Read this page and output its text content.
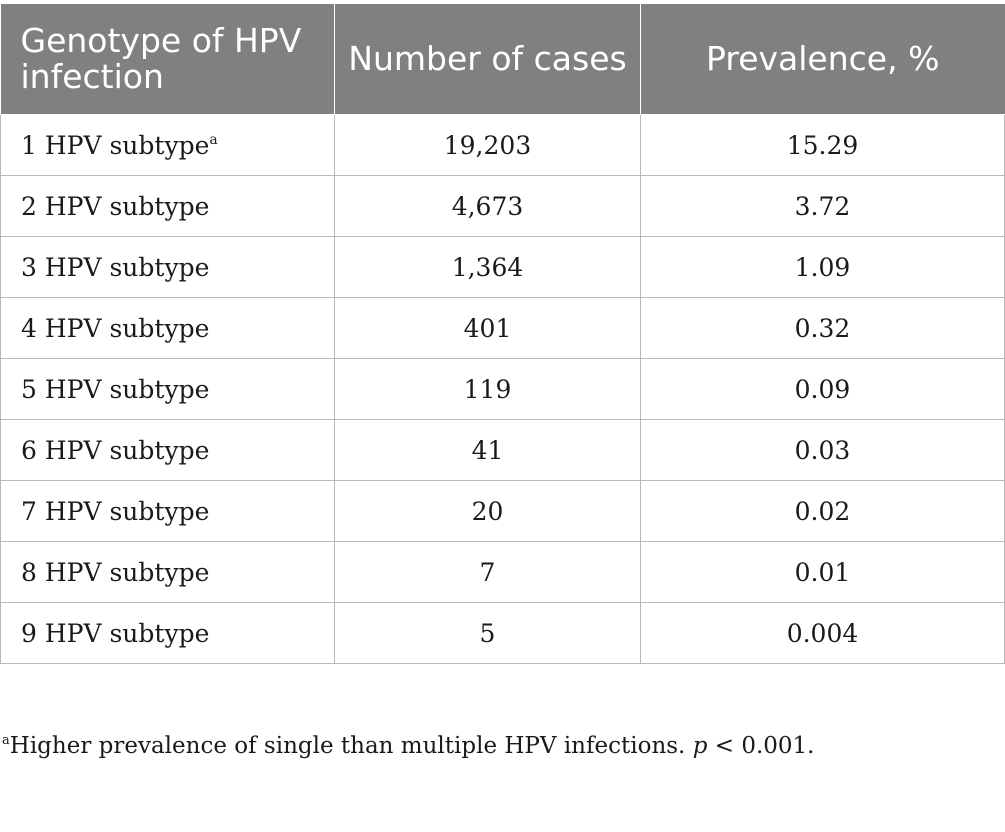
Genotype of HPV infection	Number of cases	Prevalence, %
1 HPV subtype$^a$	19,203	15.29
2 HPV subtype	4,673	3.72
3 HPV subtype	1,364	1.09
4 HPV subtype	401	0.32
5 HPV subtype	119	0.09
6 HPV subtype	41	0.03
7 HPV subtype	20	0.02
8 HPV subtype	7	0.01
9 HPV subtype	5	0.004
$^a$Higher prevalence of single than multiple HPV infections. p < 0.001.
